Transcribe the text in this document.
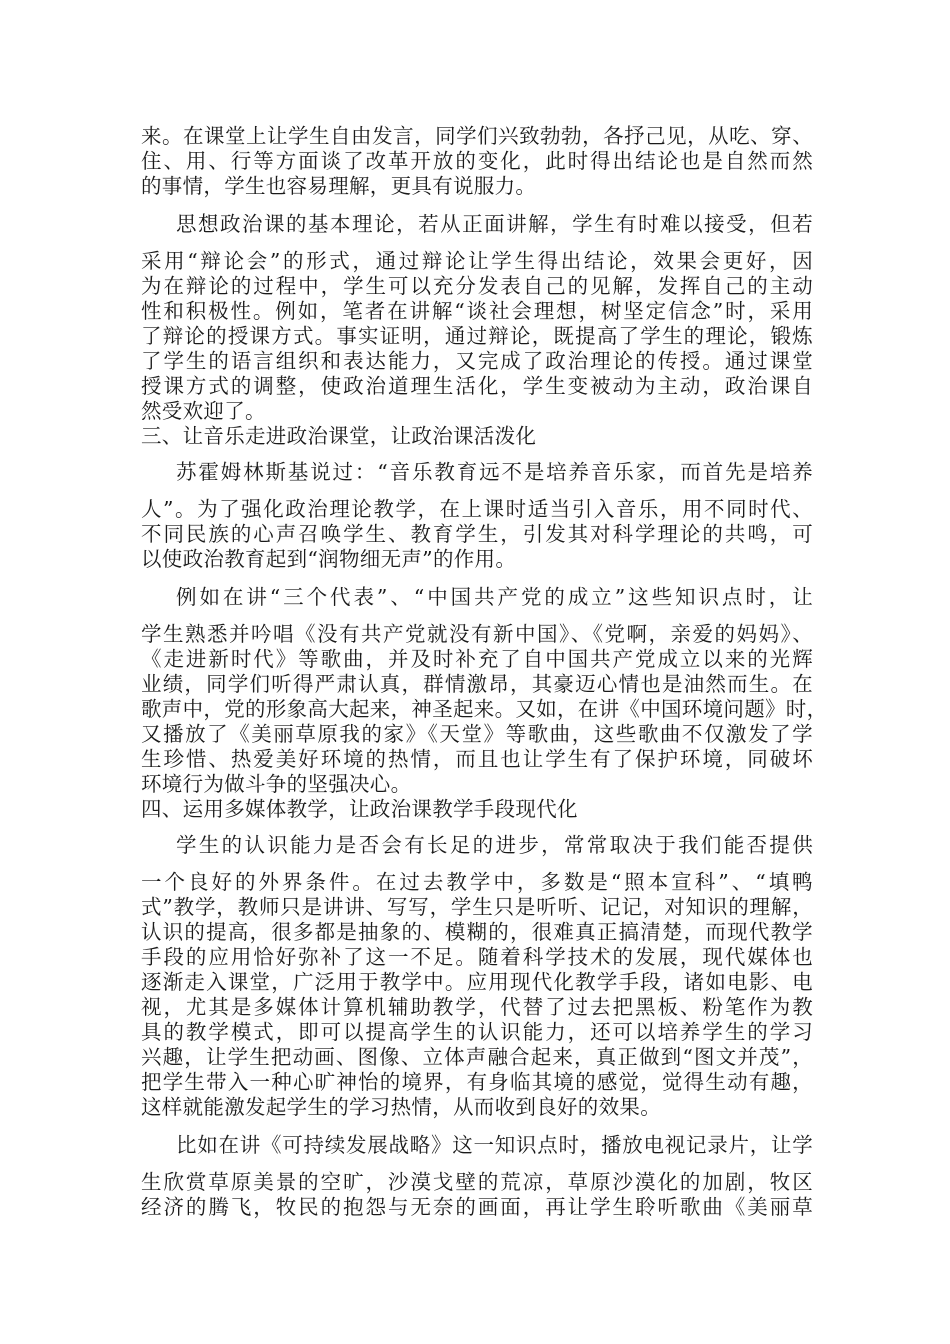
来。在课堂上让学生自由发言，同学们兴致勃勃，各抒己见，从吃、穿、
住、用、行等方面谈了改革开放的变化，此时得出结论也是自然而然
的事情，学生也容易理解，更具有说服力。
思想政治课的基本理论，若从正面讲解，学生有时难以接受，但若
采用“辩论会”的形式，通过辩论让学生得出结论，效果会更好，因
为在辩论的过程中，学生可以充分发表自己的见解，发挥自己的主动
性和积极性。例如，笔者在讲解“谈社会理想，树坚定信念”时，采用
了辩论的授课方式。事实证明，通过辩论，既提高了学生的理论，锻炼
了学生的语言组织和表达能力，又完成了政治理论的传授。通过课堂
授课方式的调整，使政治道理生活化，学生变被动为主动，政治课自
然受欢迎了。
三、让音乐走进政治课堂，让政治课活泼化
苏霍姆林斯基说过：“音乐教育远不是培养音乐家，而首先是培养
人”。为了强化政治理论教学，在上课时适当引入音乐，用不同时代、
不同民族的心声召唤学生、教育学生，引发其对科学理论的共鸣，可
以使政治教育起到“润物细无声”的作用。
例如在讲“三个代表”、“中国共产党的成立”这些知识点时，让
学生熟悉并吟唱《没有共产党就没有新中国》、《党啊，亲爱的妈妈》、
《走进新时代》等歌曲，并及时补充了自中国共产党成立以来的光辉
业绩，同学们听得严肃认真，群情激昂，其豪迈心情也是油然而生。在
歌声中，党的形象高大起来，神圣起来。又如，在讲《中国环境问题》时，
又播放了《美丽草原我的家》《天堂》等歌曲，这些歌曲不仅激发了学
生珍惜、热爱美好环境的热情，而且也让学生有了保护环境，同破坏
环境行为做斗争的坚强决心。
四、运用多媒体教学，让政治课教学手段现代化
学生的认识能力是否会有长足的进步，常常取决于我们能否提供
一个良好的外界条件。在过去教学中，多数是“照本宣科”、“填鸭
式”教学，教师只是讲讲、写写，学生只是听听、记记，对知识的理解，
认识的提高，很多都是抽象的、模糊的，很难真正搞清楚，而现代教学
手段的应用恰好弥补了这一不足。随着科学技术的发展，现代媒体也
逐渐走入课堂，广泛用于教学中。应用现代化教学手段，诸如电影、电
视，尤其是多媒体计算机辅助教学，代替了过去把黑板、粉笔作为教
具的教学模式，即可以提高学生的认识能力，还可以培养学生的学习
兴趣，让学生把动画、图像、立体声融合起来，真正做到“图文并茂”，
把学生带入一种心旷神怡的境界，有身临其境的感觉，觉得生动有趣，
这样就能激发起学生的学习热情，从而收到良好的效果。
比如在讲《可持续发展战略》这一知识点时，播放电视记录片，让学
生欣赏草原美景的空旷，沙漠戈壁的荒凉，草原沙漠化的加剧，牧区
经济的腾飞，牧民的抱怨与无奈的画面，再让学生聆听歌曲《美丽草
